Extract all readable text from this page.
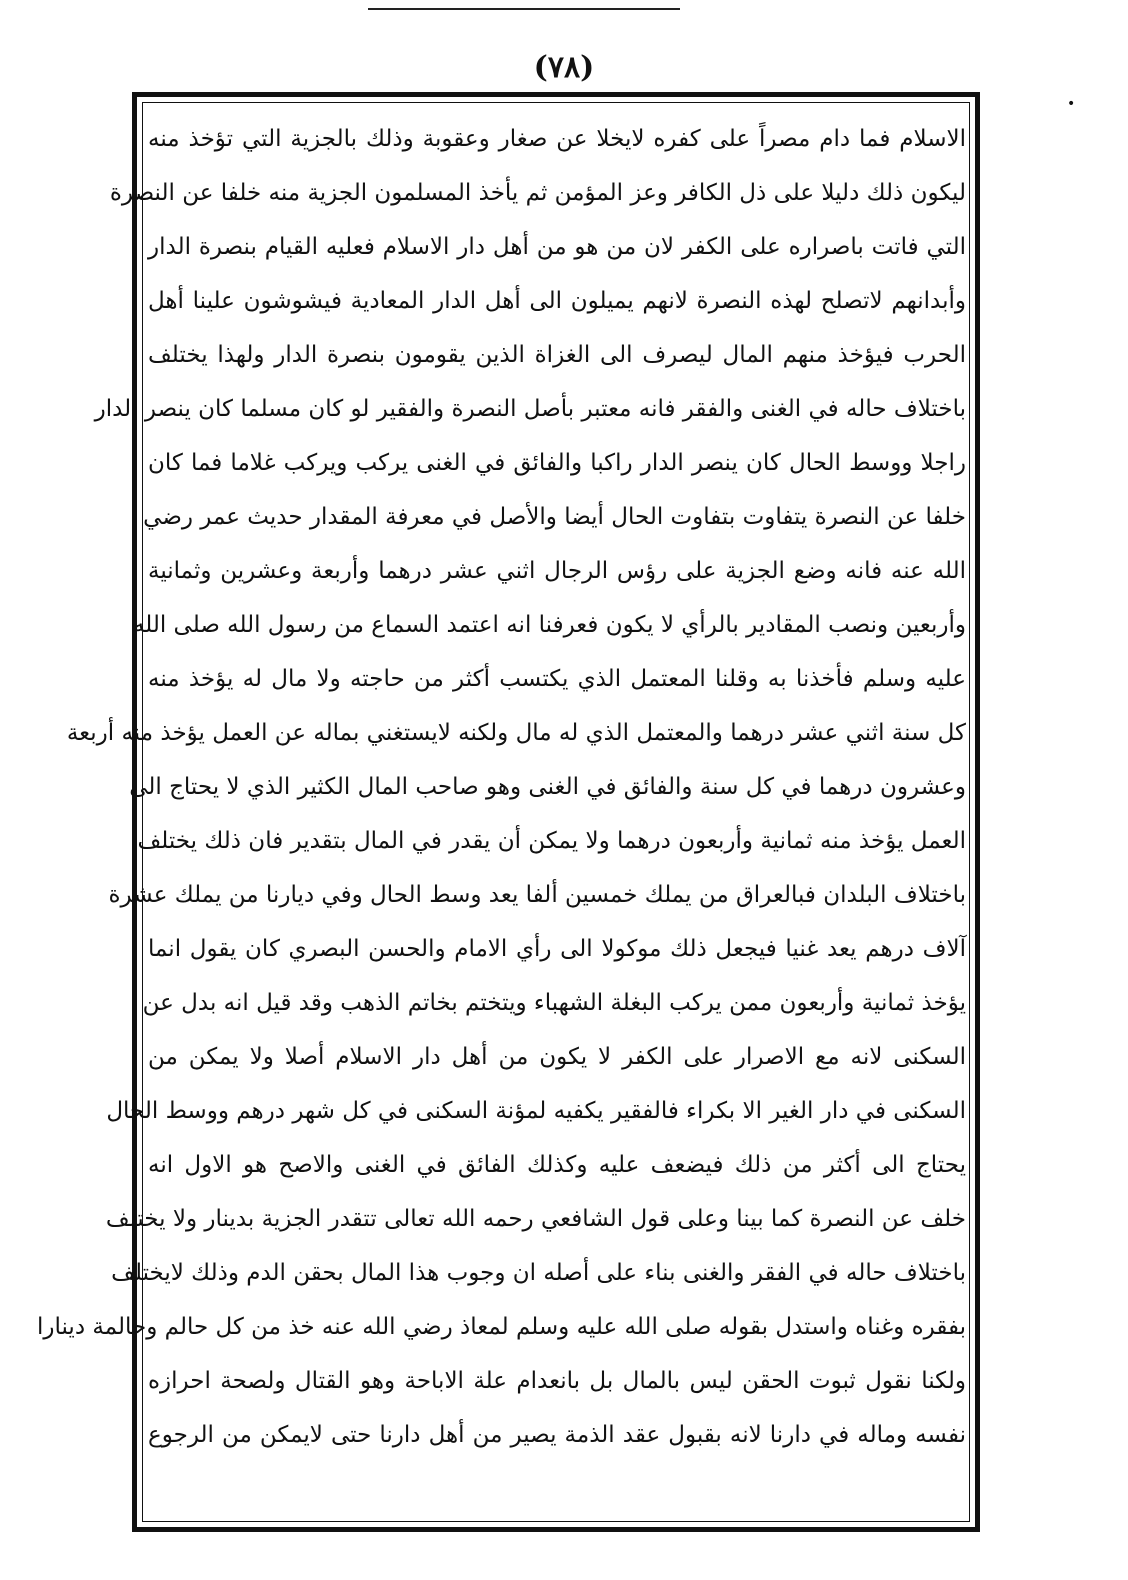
(٧٨)
•
الاسلام فما دام مصراً على كفره لايخلا عن صغار وعقوبة وذلك بالجزية التي تؤخذ منه
ليكون ذلك دليلا على ذل الكافر وعز المؤمن ثم يأخذ المسلمون الجزية منه خلفا عن النصرة
التي فاتت باصراره على الكفر لان من هو من أهل دار الاسلام فعليه القيام بنصرة الدار
وأبدانهم لاتصلح لهذه النصرة لانهم يميلون الى أهل الدار المعادية فيشوشون علينا أهل
الحرب فيؤخذ منهم المال ليصرف الى الغزاة الذين يقومون بنصرة الدار ولهذا يختلف
باختلاف حاله في الغنى والفقر فانه معتبر بأصل النصرة والفقير لو كان مسلما كان ينصر الدار
راجلا ووسط الحال كان ينصر الدار راكبا والفائق في الغنى يركب ويركب غلاما فما كان
خلفا عن النصرة يتفاوت بتفاوت الحال أيضا والأصل في معرفة المقدار حديث عمر رضي
الله عنه فانه وضع الجزية على رؤس الرجال اثني عشر درهما وأربعة وعشرين وثمانية
وأربعين ونصب المقادير بالرأي لا يكون فعرفنا انه اعتمد السماع من رسول الله صلى الله
عليه وسلم فأخذنا به وقلنا المعتمل الذي يكتسب أكثر من حاجته ولا مال له يؤخذ منه
كل سنة اثني عشر درهما والمعتمل الذي له مال ولكنه لايستغني بماله عن العمل يؤخذ منه أربعة
وعشرون درهما في كل سنة والفائق في الغنى وهو صاحب المال الكثير الذي لا يحتاج الى
العمل يؤخذ منه ثمانية وأربعون درهما ولا يمكن أن يقدر في المال بتقدير فان ذلك يختلف
باختلاف البلدان فبالعراق من يملك خمسين ألفا يعد وسط الحال وفي ديارنا من يملك عشرة
آلاف درهم يعد غنيا فيجعل ذلك موكولا الى رأي الامام والحسن البصري كان يقول انما
يؤخذ ثمانية وأربعون ممن يركب البغلة الشهباء ويتختم بخاتم الذهب وقد قيل انه بدل عن
السكنى لانه مع الاصرار على الكفر لا يكون من أهل دار الاسلام أصلا ولا يمكن من
السكنى في دار الغير الا بكراء فالفقير يكفيه لمؤنة السكنى في كل شهر درهم ووسط الحال
يحتاج الى أكثر من ذلك فيضعف عليه وكذلك الفائق في الغنى والاصح هو الاول انه
خلف عن النصرة كما بينا وعلى قول الشافعي رحمه الله تعالى تتقدر الجزية بدينار ولا يختلف
باختلاف حاله في الفقر والغنى بناء على أصله ان وجوب هذا المال بحقن الدم وذلك لايختلف
بفقره وغناه واستدل بقوله صلى الله عليه وسلم لمعاذ رضي الله عنه خذ من كل حالم وحالمة دينارا
ولكنا نقول ثبوت الحقن ليس بالمال بل بانعدام علة الاباحة وهو القتال ولصحة احرازه
نفسه وماله في دارنا لانه بقبول عقد الذمة يصير من أهل دارنا حتى لايمكن من الرجوع
